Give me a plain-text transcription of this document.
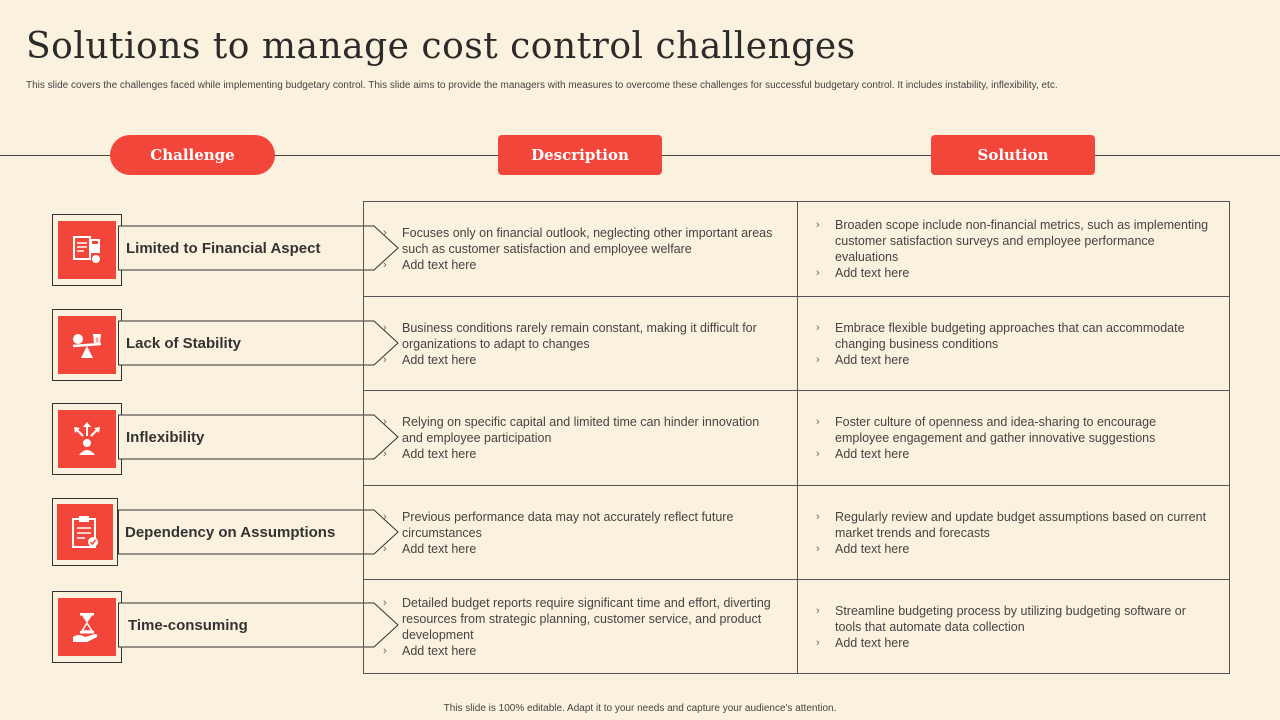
Solutions to manage cost control challenges
This slide covers the challenges faced while implementing budgetary control. This slide aims to provide the managers with measures to overcome these challenges for successful budgetary control. It includes instability, inflexibility, etc.
Challenge	Description	Solution
Limited to Financial Aspect
$ Lack of Stability
Inflexibility
Dependency on Assumptions
Time-consuming
› Focuses only on financial outlook, neglecting other important areas such as customer satisfaction and employee welfare
› Add text here
› Broaden scope include non-financial metrics, such as implementing customer satisfaction surveys and employee performance evaluations
› Add text here
› Business conditions rarely remain constant, making it difficult for organizations to adapt to changes
› Add text here
› Embrace flexible budgeting approaches that can accommodate changing business conditions
› Add text here
› Relying on specific capital and limited time can hinder innovation and employee participation
› Add text here
› Foster culture of openness and idea-sharing to encourage employee engagement and gather innovative suggestions
› Add text here
› Previous performance data may not accurately reflect future circumstances
› Add text here
› Regularly review and update budget assumptions based on current market trends and forecasts
› Add text here
› Detailed budget reports require significant time and effort, diverting resources from strategic planning, customer service, and product development
› Add text here
› Streamline budgeting process by utilizing budgeting software or tools that automate data collection
› Add text here
This slide is 100% editable. Adapt it to your needs and capture your audience's attention.
